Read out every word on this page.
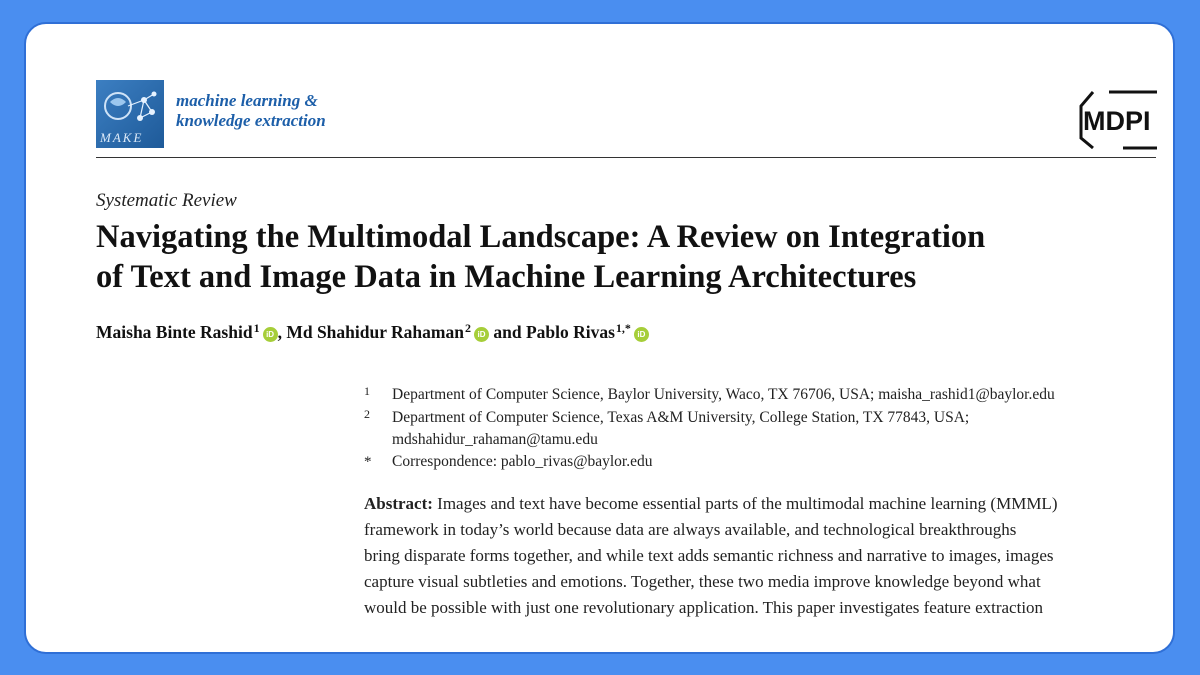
MAKE
machine learning &
knowledge extraction	MDPI
Systematic Review
Navigating the Multimodal Landscape: A Review on Integration
of Text and Image Data in Machine Learning Architectures
Maisha Binte Rashid$^1$ iD , Md Shahidur Rahaman$^2$ iD and Pablo Rivas$^{1,*}$ iD
1 Department of Computer Science, Baylor University, Waco, TX 76706, USA; maisha_rashid1@baylor.edu
2 Department of Computer Science, Texas A&M University, College Station, TX 77843, USA;
mdshahidur_rahaman@tamu.edu
* Correspondence: pablo_rivas@baylor.edu
Abstract: Images and text have become essential parts of the multimodal machine learning (MMML)
framework in today’s world because data are always available, and technological breakthroughs
bring disparate forms together, and while text adds semantic richness and narrative to images, images
capture visual subtleties and emotions. Together, these two media improve knowledge beyond what
would be possible with just one revolutionary application. This paper investigates feature extraction
